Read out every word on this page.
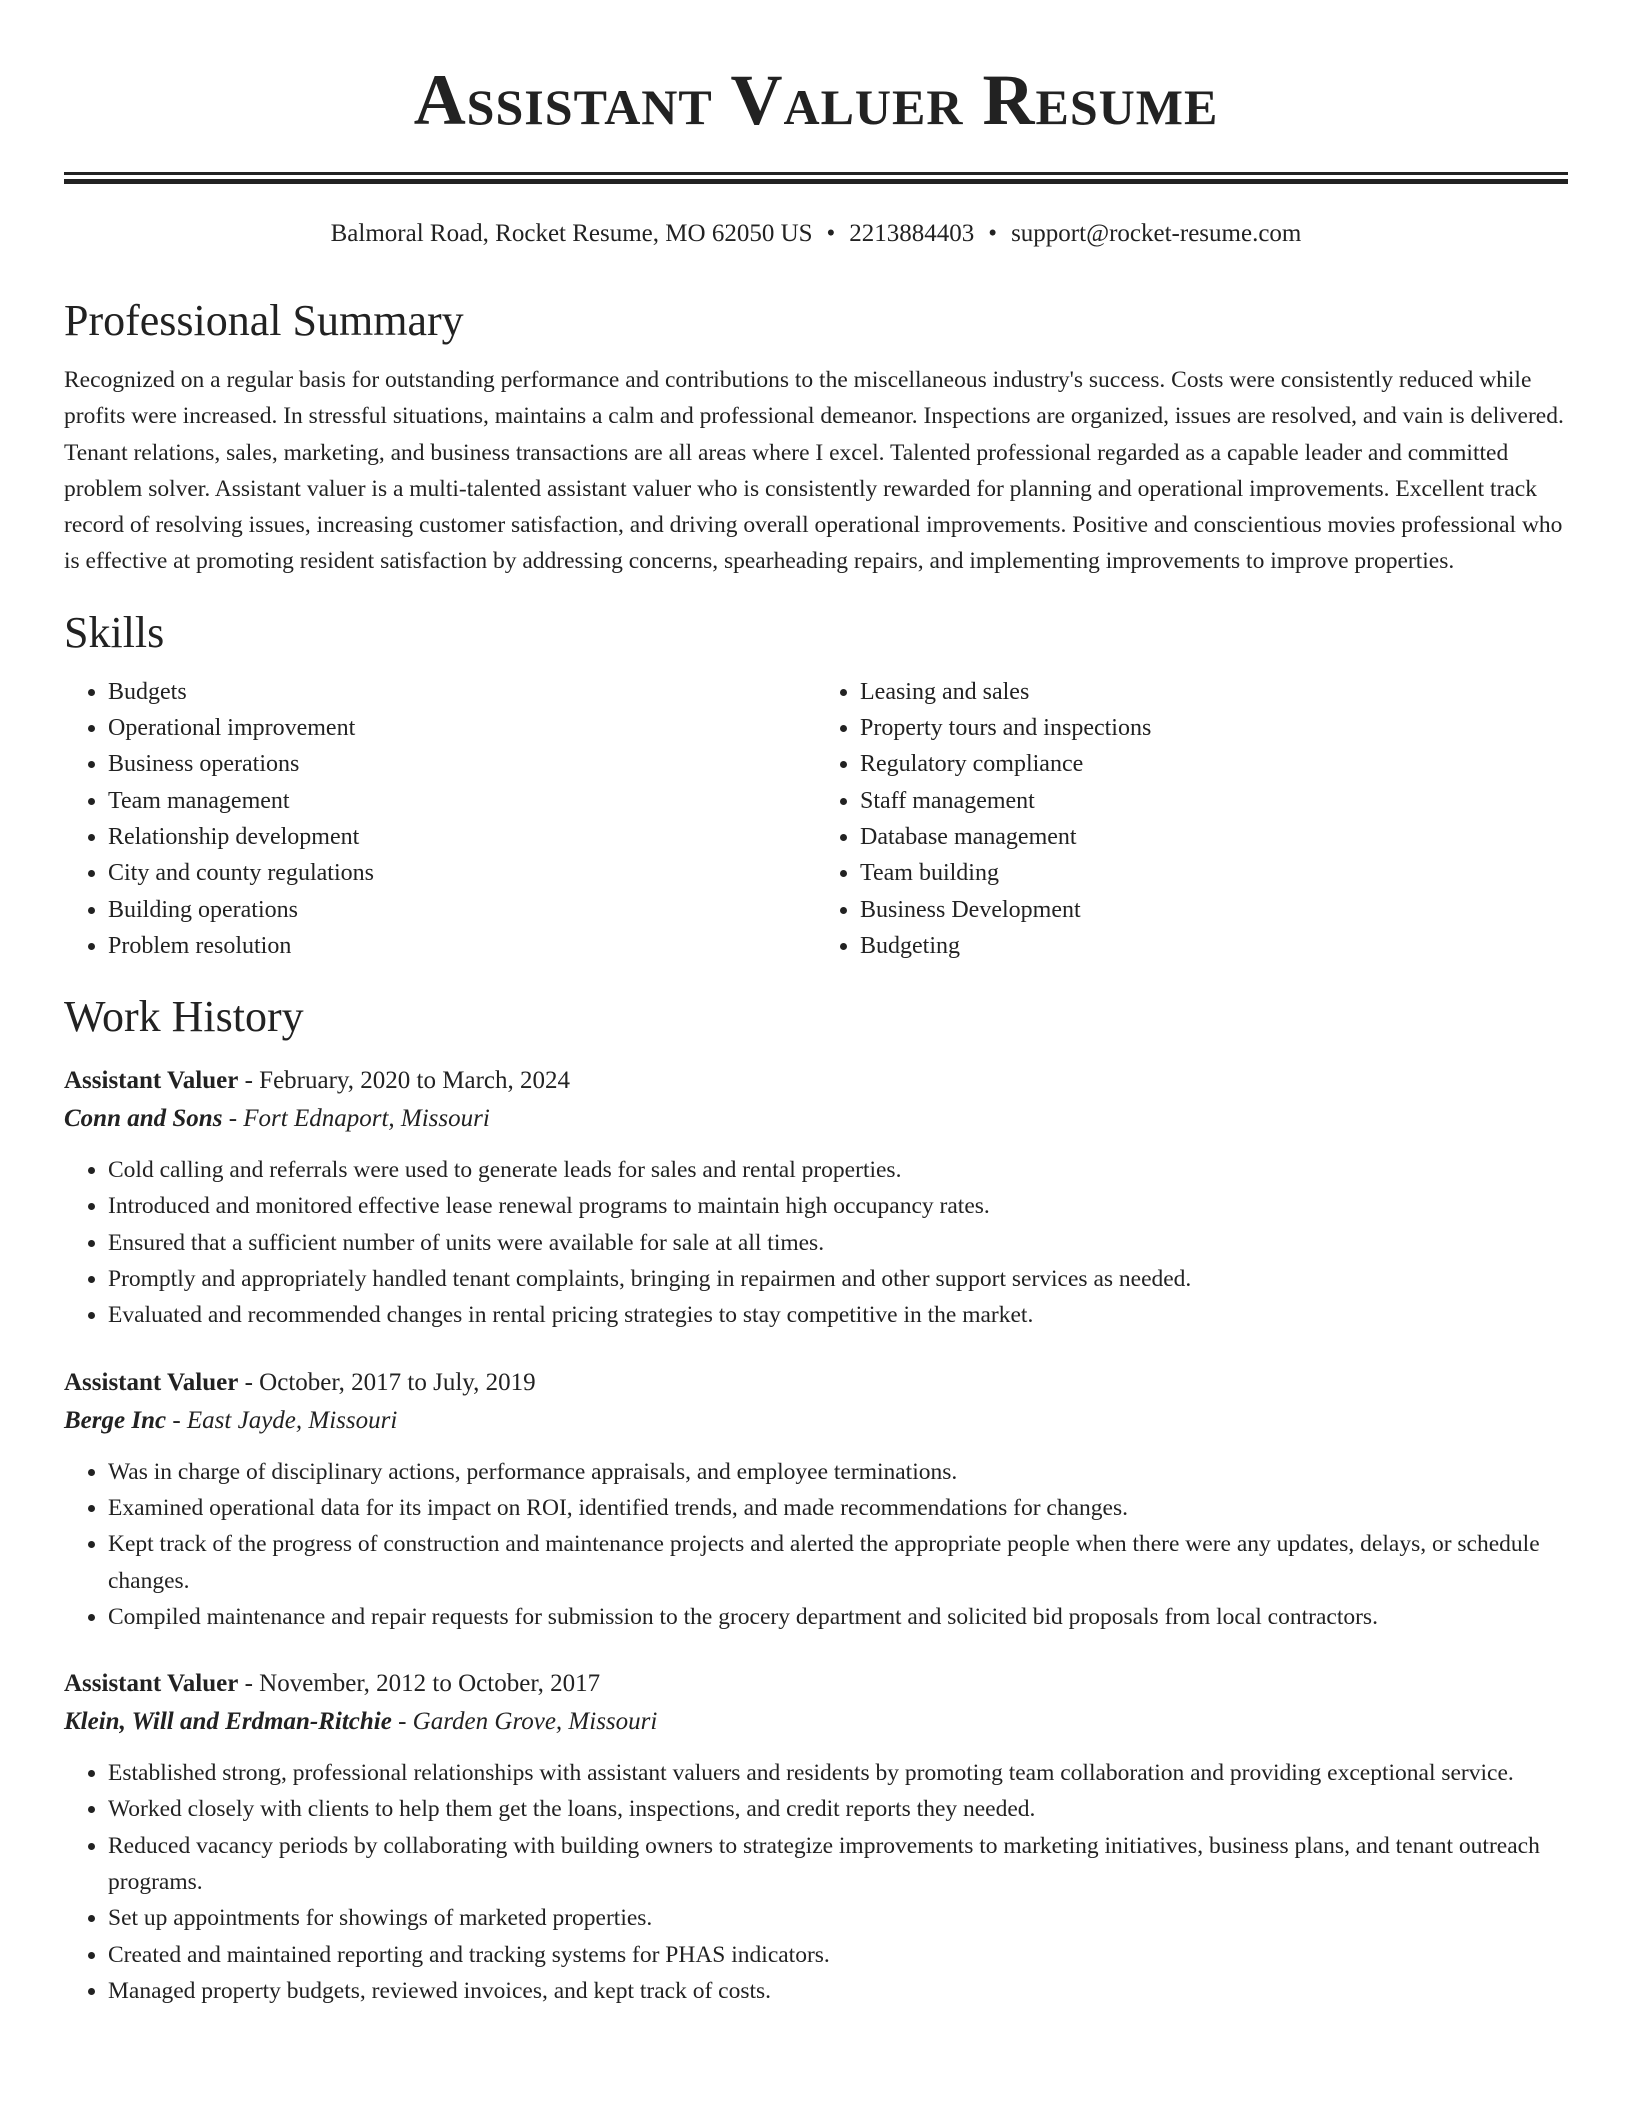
Assistant Valuer Resume
Balmoral Road, Rocket Resume, MO 62050 US • 2213884403 • support@rocket-resume.com
Professional Summary

Recognized on a regular basis for outstanding performance and contributions to the miscellaneous industry's success. Costs were consistently reduced while profits were increased. In stressful situations, maintains a calm and professional demeanor. Inspections are organized, issues are resolved, and vain is delivered. Tenant relations, sales, marketing, and business transactions are all areas where I excel. Talented professional regarded as a capable leader and committed problem solver. Assistant valuer is a multi-talented assistant valuer who is consistently rewarded for planning and operational improvements. Excellent track record of resolving issues, increasing customer satisfaction, and driving overall operational improvements. Positive and conscientious movies professional who is effective at promoting resident satisfaction by addressing concerns, spearheading repairs, and implementing improvements to improve properties.

Skills
• Budgets
• Operational improvement
• Business operations
• Team management
• Relationship development
• City and county regulations
• Building operations
• Problem resolution
• Leasing and sales
• Property tours and inspections
• Regulatory compliance
• Staff management
• Database management
• Team building
• Business Development
• Budgeting
Work History
Assistant Valuer - February, 2020 to March, 2024
Conn and Sons - Fort Ednaport, Missouri
• Cold calling and referrals were used to generate leads for sales and rental properties.
• Introduced and monitored effective lease renewal programs to maintain high occupancy rates.
• Ensured that a sufficient number of units were available for sale at all times.
• Promptly and appropriately handled tenant complaints, bringing in repairmen and other support services as needed.
• Evaluated and recommended changes in rental pricing strategies to stay competitive in the market.
Assistant Valuer - October, 2017 to July, 2019
Berge Inc - East Jayde, Missouri
• Was in charge of disciplinary actions, performance appraisals, and employee terminations.
• Examined operational data for its impact on ROI, identified trends, and made recommendations for changes.
• Kept track of the progress of construction and maintenance projects and alerted the appropriate people when there were any updates, delays, or schedule changes.
• Compiled maintenance and repair requests for submission to the grocery department and solicited bid proposals from local contractors.
Assistant Valuer - November, 2012 to October, 2017
Klein, Will and Erdman-Ritchie - Garden Grove, Missouri
• Established strong, professional relationships with assistant valuers and residents by promoting team collaboration and providing exceptional service.
• Worked closely with clients to help them get the loans, inspections, and credit reports they needed.
• Reduced vacancy periods by collaborating with building owners to strategize improvements to marketing initiatives, business plans, and tenant outreach programs.
• Set up appointments for showings of marketed properties.
• Created and maintained reporting and tracking systems for PHAS indicators.
• Managed property budgets, reviewed invoices, and kept track of costs.
